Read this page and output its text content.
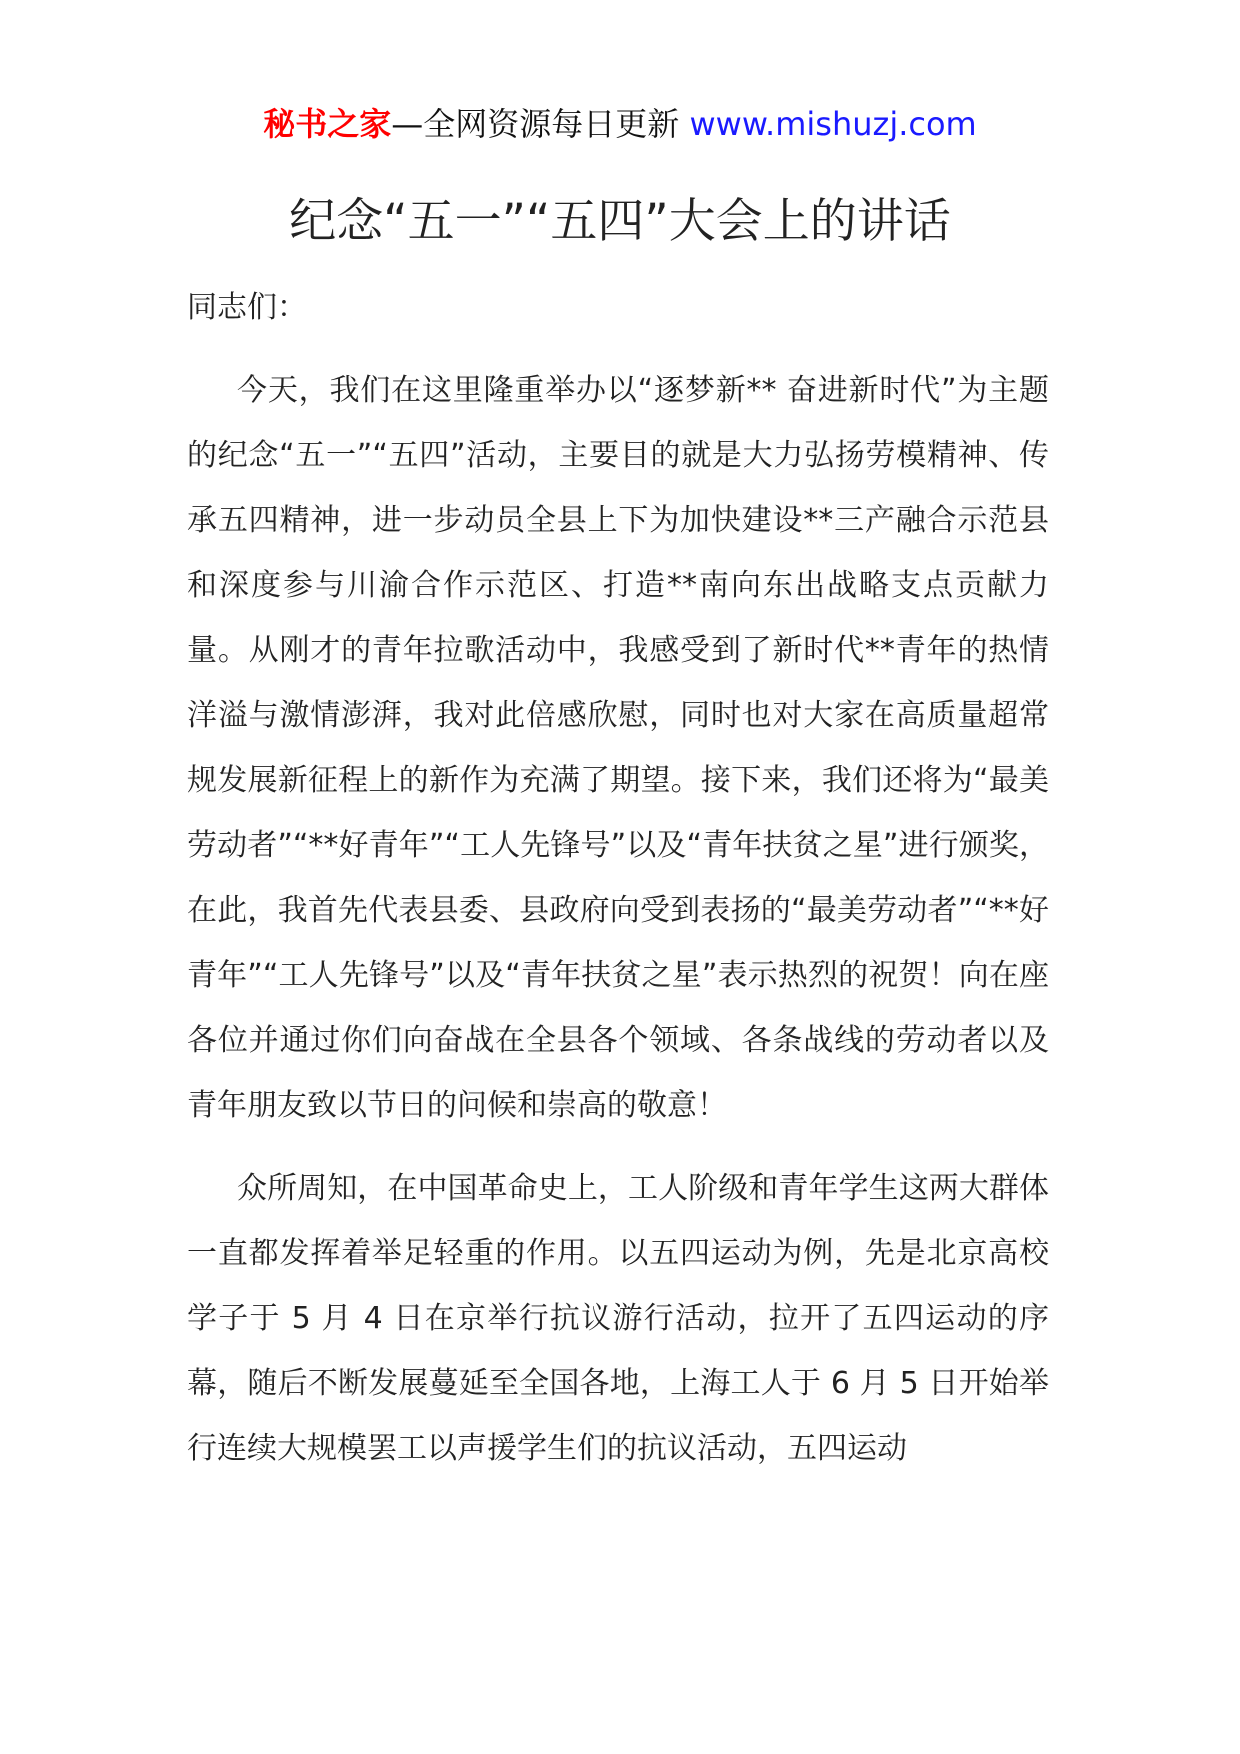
秘书之家—全网资源每日更新 www.mishuzj.com
纪念“五一”“五四”大会上的讲话

同志们：

今天，我们在这里隆重举办以“逐梦新** 奋进新时代”为主题的纪念“五一”“五四”活动，主要目的就是大力弘扬劳模精神、传承五四精神，进一步动员全县上下为加快建设**三产融合示范县和深度参与川渝合作示范区、打造**南向东出战略支点贡献力量。从刚才的青年拉歌活动中，我感受到了新时代**青年的热情洋溢与激情澎湃，我对此倍感欣慰，同时也对大家在高质量超常规发展新征程上的新作为充满了期望。接下来，我们还将为“最美劳动者”“**好青年”“工人先锋号”以及“青年扶贫之星”进行颁奖，在此，我首先代表县委、县政府向受到表扬的“最美劳动者”“**好青年”“工人先锋号”以及“青年扶贫之星”表示热烈的祝贺！向在座各位并通过你们向奋战在全县各个领域、各条战线的劳动者以及青年朋友致以节日的问候和崇高的敬意！

众所周知，在中国革命史上，工人阶级和青年学生这两大群体一直都发挥着举足轻重的作用。以五四运动为例，先是北京高校学子于 5 月 4 日在京举行抗议游行活动，拉开了五四运动的序幕，随后不断发展蔓延至全国各地，上海工人于 6 月 5 日开始举行连续大规模罢工以声援学生们的抗议活动，五四运动
